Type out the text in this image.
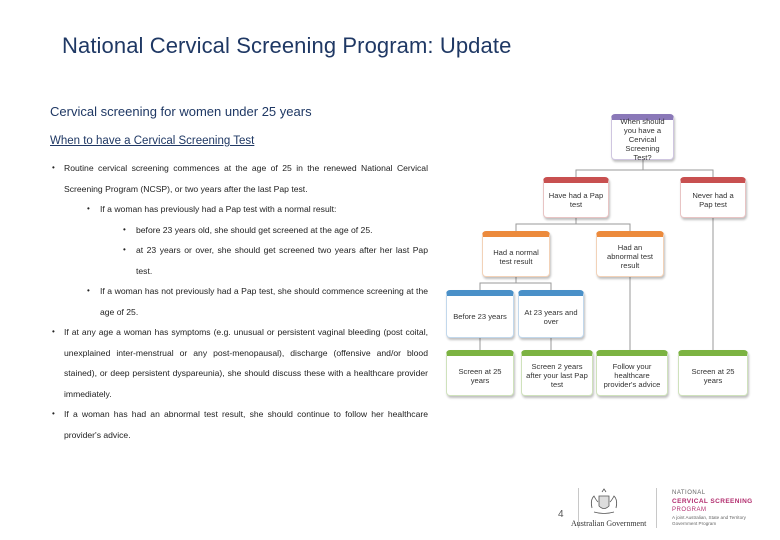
National Cervical Screening Program: Update
Cervical screening for women under 25 years
When to have a Cervical Screening Test
• Routine cervical screening commences at the age of 25 in the renewed National Cervical Screening Program (NCSP), or two years after the last Pap test.
• If a woman has previously had a Pap test with a normal result:
• before 23 years old, she should get screened at the age of 25.
• at 23 years or over, she should get screened two years after her last Pap test.
• If a woman has not previously had a Pap test, she should commence screening at the age of 25.
• If at any age a woman has symptoms (e.g. unusual or persistent vaginal bleeding (post coital, unexplained inter-menstrual or any post-menopausal), discharge (offensive and/or blood stained), or deep persistent dyspareunia), she should discuss these with a healthcare provider immediately.
• If a woman has had an abnormal test result, she should continue to follow her healthcare provider's advice.
When should you have a Cervical Screening Test?
Have had a Pap test
Never had a Pap test
Had a normal test result
Had an abnormal test result
Before 23 years	At 23 years and over
Screen at 25 years
Screen 2 years after your last Pap test
Follow your healthcare provider's advice
Screen at 25 years
4
Australian Government
NATIONAL
CERVICAL SCREENING
PROGRAM
A joint Australian, State and Territory Government Program
